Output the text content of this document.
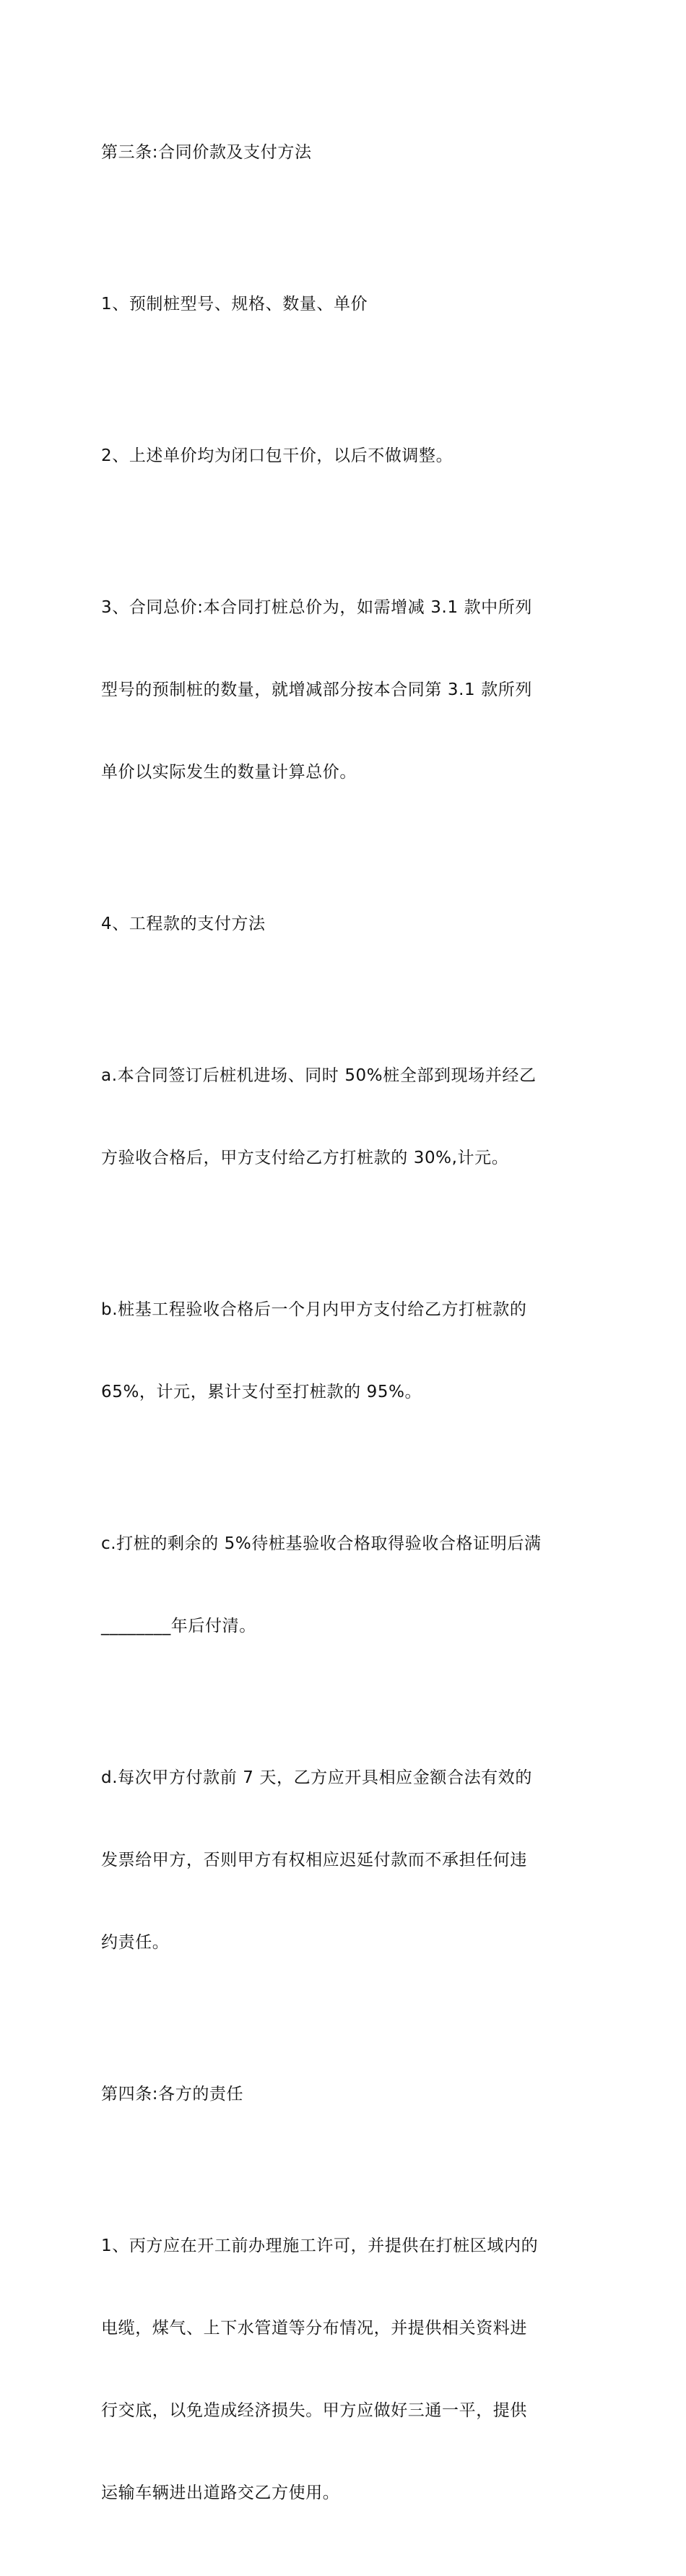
第三条:合同价款及支付方法

1、预制桩型号、规格、数量、单价

2、上述单价均为闭口包干价，以后不做调整。

3、合同总价:本合同打桩总价为，如需增减 3.1 款中所列

型号的预制桩的数量，就增减部分按本合同第 3.1 款所列

单价以实际发生的数量计算总价。

4、工程款的支付方法

a.本合同签订后桩机进场、同时 50%桩全部到现场并经乙

方验收合格后，甲方支付给乙方打桩款的 30%,计元。

b.桩基工程验收合格后一个月内甲方支付给乙方打桩款的

65%，计元，累计支付至打桩款的 95%。

c.打桩的剩余的 5%待桩基验收合格取得验收合格证明后满

________年后付清。

d.每次甲方付款前 7 天，乙方应开具相应金额合法有效的

发票给甲方，否则甲方有权相应迟延付款而不承担任何违

约责任。

第四条:各方的责任

1、丙方应在开工前办理施工许可，并提供在打桩区域内的

电缆，煤气、上下水管道等分布情况，并提供相关资料进

行交底，以免造成经济损失。甲方应做好三通一平，提供

运输车辆进出道路交乙方使用。
